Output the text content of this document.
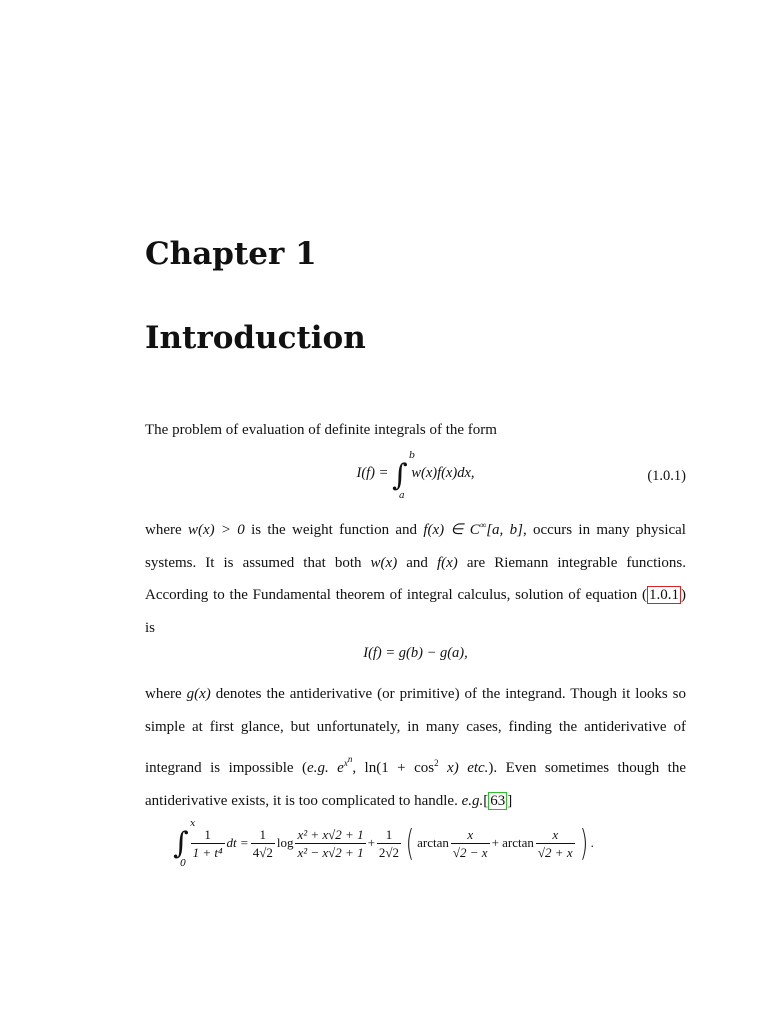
Chapter 1
Introduction
The problem of evaluation of definite integrals of the form
I(f) = ∫
b
a
w(x)f(x)dx,	(1.0.1)
where w(x) > 0 is the weight function and f(x) ∈ C∞[a, b], occurs in many physical systems. It is assumed that both w(x) and f(x) are Riemann integrable functions. According to the Fundamental theorem of integral calculus, solution of equation ( 1.0.1 ) is
I(f) = g(b) − g(a),
where g(x) denotes the antiderivative (or primitive) of the integrand. Though it looks so simple at first glance, but unfortunately, in many cases, finding the antiderivative of integrand is impossible (e.g. $e^{x^n}$, $\ln(1 + \cos^2 x)$ etc.). Even sometimes though the antiderivative exists, it is too complicated to handle. e.g.[ 63 ]
∫
x
0
$\frac{1}{\text{1 + t⁴}}$ dt = $\frac{1}{4√2}$ $\log \frac{\text{x² + x√2 + 1}}{\text{x² − x√2 + 1}} + \frac{1}{2√2}$ ( $\arctan \frac{x}{√2 - x} + \arctan \frac{x}{√2 + x}$ ) .
